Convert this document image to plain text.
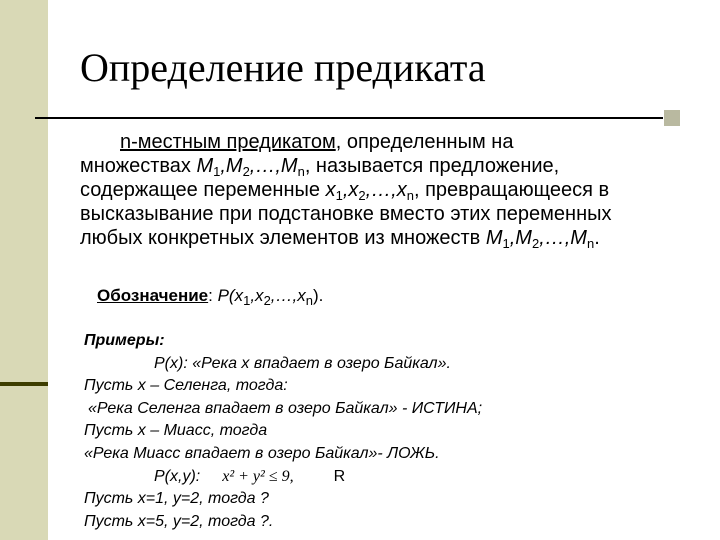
Определение предиката
n-местным предикатом, определенным на
множествах $M_1,M_2,\dots,M_n$, называется предложение,
содержащее переменные $x_1,x_2,\dots,x_n$, превращающееся в
высказывание при подстановке вместо этих переменных
любых конкретных элементов из множеств $M_1,M_2,\dots,M_n$.
Обозначение: $P(x_1,x_2,\dots,x_n)$.
Примеры:
P(x): «Река x впадает в озеро Байкал».
Пусть x – Селенга, тогда:
«Река Селенга впадает в озеро Байкал» - ИСТИНА;
Пусть x – Миасс, тогда
«Река Миасс впадает в озеро Байкал»- ЛОЖЬ.
P(x,y): x² + y² ≤ 9,	R
Пусть x=1, y=2, тогда ?
Пусть x=5, y=2, тогда ?.
